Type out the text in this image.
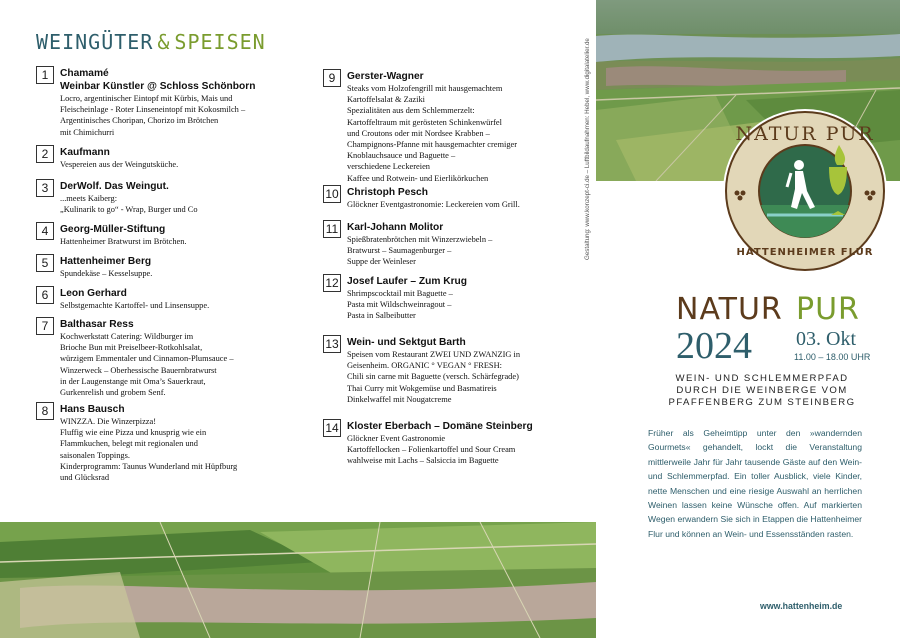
WEINGÜTER & SPEISEN
1	Chamamé
Weinbar Künstler @ Schloss Schönborn
Locro, argentinischer Eintopf mit Kürbis, Mais und
Fleischeinlage - Roter Linseneintopf mit Kokosmilch –
Argentinisches Choripan, Chorizo im Brötchen
mit Chimichurri
2	Kaufmann
Vespereien aus der Weingutsküche.
3	DerWolf. Das Weingut.
...meets Kaiberg:
„Kulinarik to go“ - Wrap, Burger und Co
4	Georg-Müller-Stiftung
Hattenheimer Bratwurst im Brötchen.
5	Hattenheimer Berg
Spundekäse – Kesselsuppe.
6	Leon Gerhard
Selbstgemachte Kartoffel- und Linsensuppe.
7	Balthasar Ress
Kochwerkstatt Catering: Wildburger im
Brioche Bun mit Preiselbeer-Rotkohlsalat,
würzigem Emmentaler und Cinnamon-Plumsauce –
Winzerweck – Oberhessische Bauernbratwurst
in der Laugenstange mit Oma’s Sauerkraut,
Gurkenrelish und grobem Senf.
8	Hans Bausch
WINZZA. Die Winzerpizza!
Fluffig wie eine Pizza und knusprig wie ein
Flammkuchen, belegt mit regionalen und
saisonalen Toppings.
Kinderprogramm: Taunus Wunderland mit Hüpfburg
und Glücksrad
9	Gerster-Wagner
Steaks vom Holzofengrill mit hausgemachtem
Kartoffelsalat & Zaziki
Spezialitäten aus dem Schlemmerzelt:
Kartoffeltraum mit gerösteten Schinkenwürfel
und Croutons oder mit Nordsee Krabben –
Champignons-Pfanne mit hausgemachter cremiger
Knoblauchsauce und Baguette –
verschiedene Leckereien
Kaffee und Rotwein- und Eierlikörkuchen
10 Christoph Pesch
Glöckner Eventgastronomie: Leckereien vom Grill.
11 Karl-Johann Molitor
Spießbratenbrötchen mit Winzerzwiebeln –
Bratwurst – Saumagenburger –
Suppe der Weinleser
12 Josef Laufer – Zum Krug
Shrimpscocktail mit Baguette –
Pasta mit Wildschweinragout –
Pasta in Salbeibutter
13 Wein- und Sektgut Barth
Speisen vom Restaurant ZWEI UND ZWANZIG in
Geisenheim. ORGANIC ° VEGAN ° FRESH:
Chili sin carne mit Baguette (versch. Schärfegrade)
Thai Curry mit Wokgemüse und Basmatireis
Dinkelwaffel mit Nougatcreme
14 Kloster Eberbach – Domäne Steinberg
Glöckner Event Gastronomie
Kartoffellocken – Folienkartoffel und Sour Cream
wahlweise mit Lachs – Salsiccia im Baguette
Gestaltung: www.konzept-ci.de – Luftbildaufnahmen: Hebel, www.digitalatelier.de	NATUR PUR
HATTENHEIMER FLUR
NATUR PUR
2024 03. Okt
11.00 – 18.00 UHR
WEIN- UND SCHLEMMERPFAD
DURCH DIE WEINBERGE VOM
PFAFFENBERG ZUM STEINBERG
Früher als Geheimtipp unter den »wandernden Gourmets« gehandelt, lockt die Veranstaltung mittlerweile Jahr für Jahr tausende Gäste auf den Wein- und Schlemmerpfad. Ein toller Ausblick, viele Kinder, nette Menschen und eine riesige Auswahl an herrlichen Weinen lassen keine Wünsche offen. Auf markierten Wegen erwandern Sie sich in Etappen die Hattenheimer Flur und können an Wein- und Essensständen rasten.
www.hattenheim.de
